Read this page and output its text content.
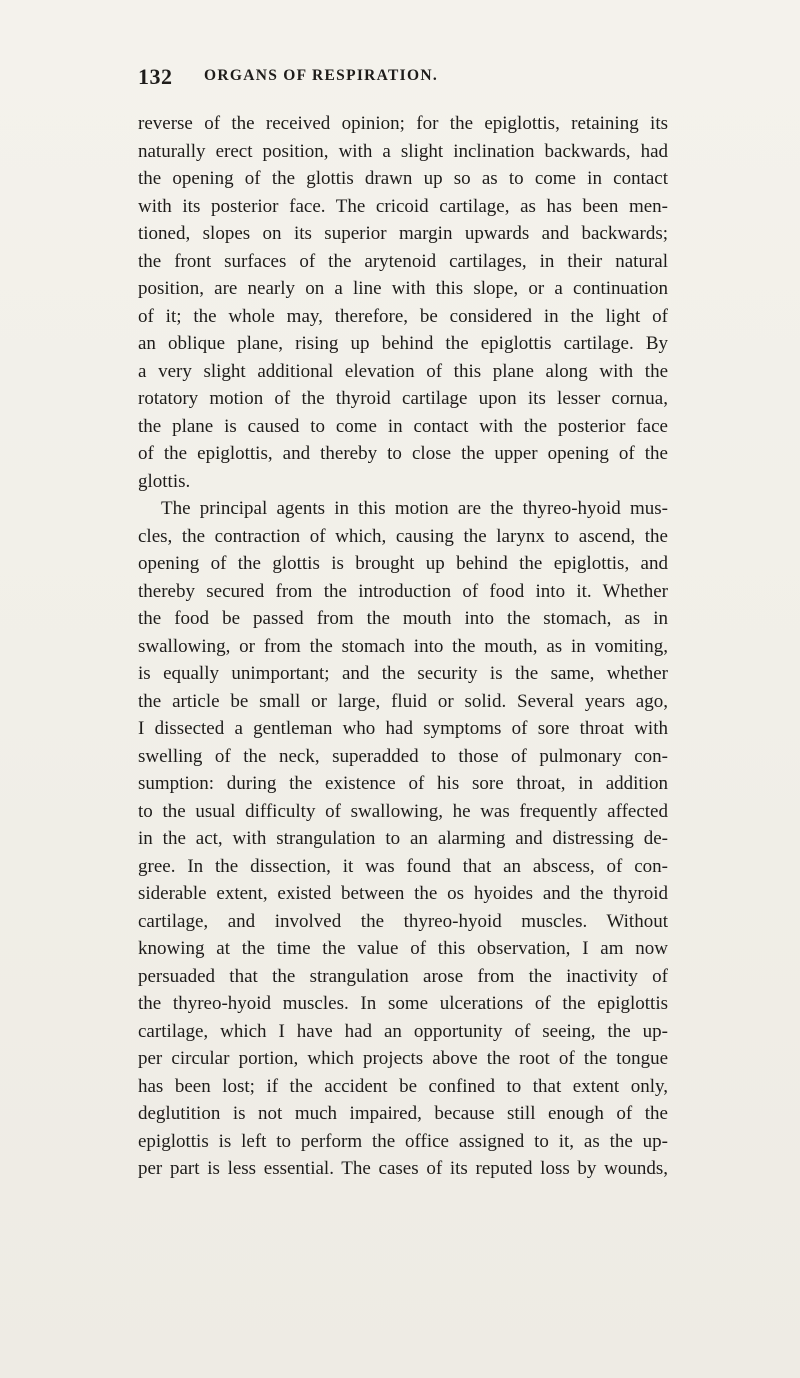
132 ORGANS OF RESPIRATION.
reverse of the received opinion; for the epiglottis, retaining its
naturally erect position, with a slight inclination backwards, had
the opening of the glottis drawn up so as to come in contact
with its posterior face. The cricoid cartilage, as has been men-
tioned, slopes on its superior margin upwards and backwards;
the front surfaces of the arytenoid cartilages, in their natural
position, are nearly on a line with this slope, or a continuation
of it; the whole may, therefore, be considered in the light of
an oblique plane, rising up behind the epiglottis cartilage. By
a very slight additional elevation of this plane along with the
rotatory motion of the thyroid cartilage upon its lesser cornua,
the plane is caused to come in contact with the posterior face
of the epiglottis, and thereby to close the upper opening of the
glottis.
The principal agents in this motion are the thyreo-hyoid mus-
cles, the contraction of which, causing the larynx to ascend, the
opening of the glottis is brought up behind the epiglottis, and
thereby secured from the introduction of food into it. Whether
the food be passed from the mouth into the stomach, as in
swallowing, or from the stomach into the mouth, as in vomiting,
is equally unimportant; and the security is the same, whether
the article be small or large, fluid or solid. Several years ago,
I dissected a gentleman who had symptoms of sore throat with
swelling of the neck, superadded to those of pulmonary con-
sumption: during the existence of his sore throat, in addition
to the usual difficulty of swallowing, he was frequently affected
in the act, with strangulation to an alarming and distressing de-
gree. In the dissection, it was found that an abscess, of con-
siderable extent, existed between the os hyoides and the thyroid
cartilage, and involved the thyreo-hyoid muscles. Without
knowing at the time the value of this observation, I am now
persuaded that the strangulation arose from the inactivity of
the thyreo-hyoid muscles. In some ulcerations of the epiglottis
cartilage, which I have had an opportunity of seeing, the up-
per circular portion, which projects above the root of the tongue
has been lost; if the accident be confined to that extent only,
deglutition is not much impaired, because still enough of the
epiglottis is left to perform the office assigned to it, as the up-
per part is less essential. The cases of its reputed loss by wounds,
